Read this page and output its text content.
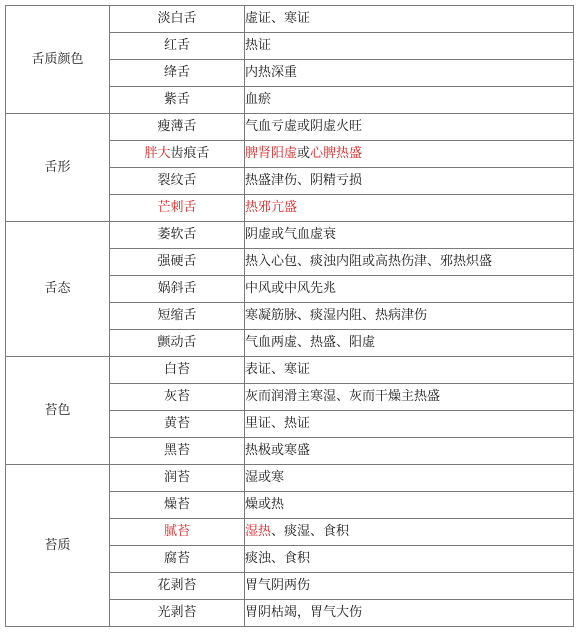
舌质颜色	淡白舌	虚证、寒证
	红舌	热证
	绛舌	内热深重
	紫舌	血瘀
舌形	瘦薄舌	气血亏虚或阴虚火旺
	胖大齿痕舌	脾肾阳虚或心脾热盛
	裂纹舌	热盛津伤、阴精亏损
	芒刺舌	热邪亢盛
舌态	萎软舌	阴虚或气血虚衰
	强硬舌	热入心包、痰浊内阻或高热伤津、邪热炽盛
	娲斜舌	中风或中风先兆
	短缩舌	寒凝筋脉、痰湿内阻、热病津伤
	颤动舌	气血两虚、热盛、阳虚
苔色	白苔	表证、寒证
	灰苔	灰而润滑主寒湿、灰而干燥主热盛
	黄苔	里证、热证
	黑苔	热极或寒盛
苔质	润苔	湿或寒
	燥苔	燥或热
	腻苔	湿热、痰湿、食积
	腐苔	痰浊、食积
	花剥苔	胃气阴两伤
	光剥苔	胃阴枯竭，胃气大伤
